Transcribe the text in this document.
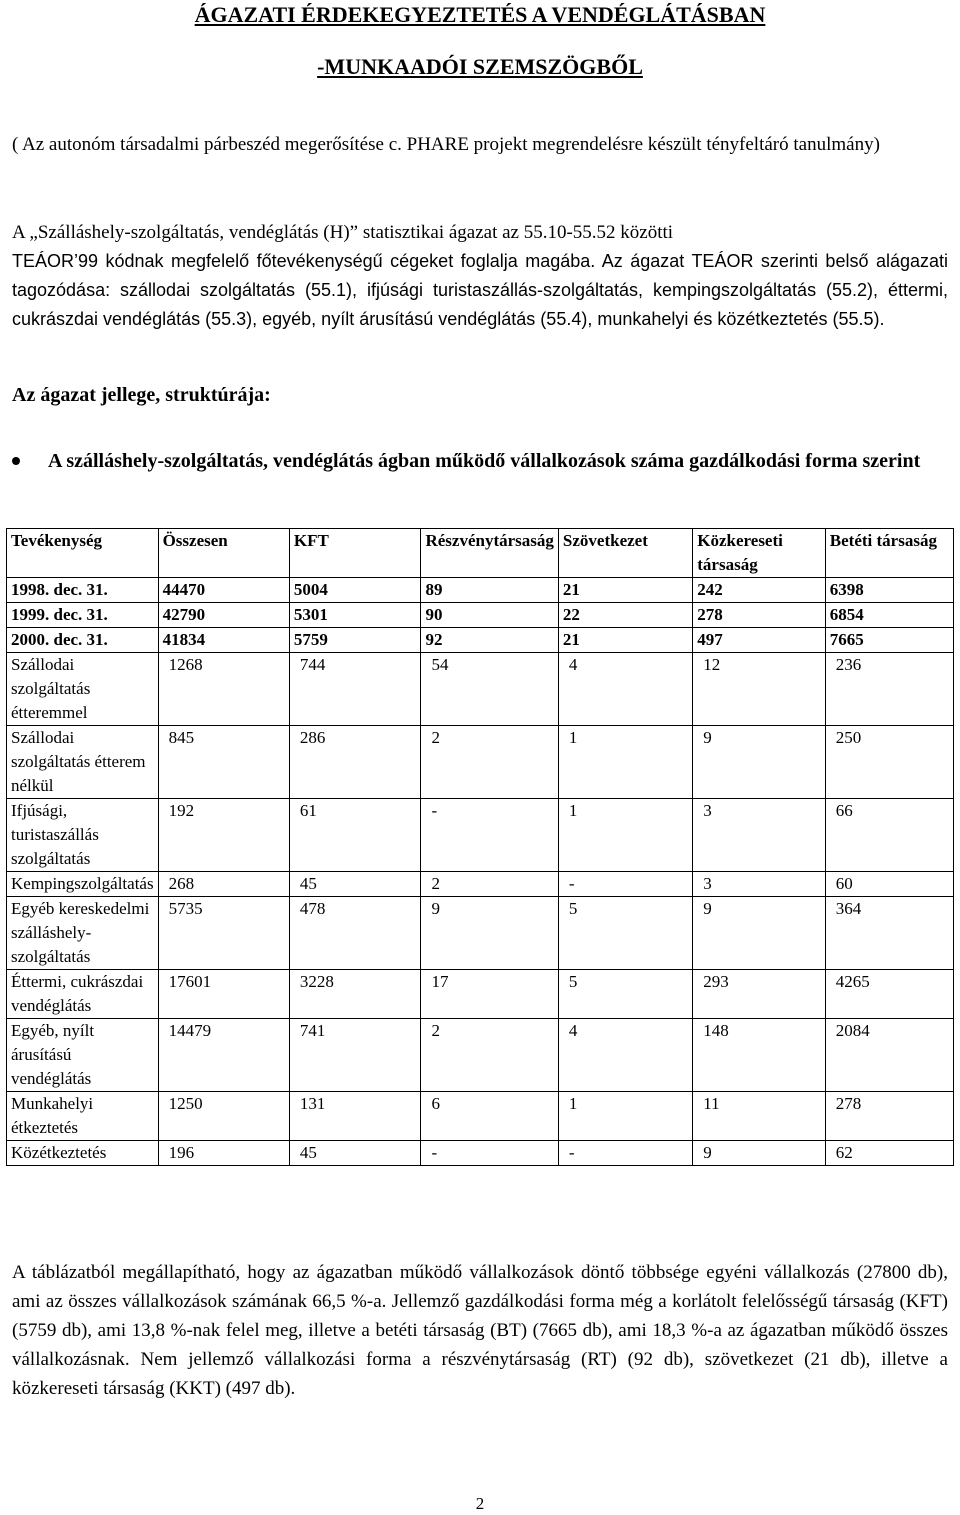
ÁGAZATI ÉRDEKEGYEZTETÉS A VENDÉGLÁTÁSBAN
-MUNKAADÓI SZEMSZÖGBŐL
( Az autonóm társadalmi párbeszéd megerősítése c. PHARE projekt megrendelésre készült tényfeltáró tanulmány)
A „Szálláshely-szolgáltatás, vendéglátás (H)” statisztikai ágazat az 55.10-55.52 közötti
TEÁOR’99 kódnak megfelelő főtevékenységű cégeket foglalja magába. Az ágazat TEÁOR szerinti belső alágazati tagozódása: szállodai szolgáltatás (55.1), ifjúsági turistaszállás-szolgáltatás, kempingszolgáltatás (55.2), éttermi, cukrászdai vendéglátás (55.3), egyéb, nyílt árusítású vendéglátás (55.4), munkahelyi és közétkeztetés (55.5).
Az ágazat jellege, struktúrája:
A szálláshely-szolgáltatás, vendéglátás ágban működő vállalkozások száma gazdálkodási forma szerint
Tevékenység	Összesen	KFT	Részvénytársaság	Szövetkezet	Közkereseti társaság	Betéti társaság
1998. dec. 31.	44470	5004	89	21	242	6398
1999. dec. 31.	42790	5301	90	22	278	6854
2000. dec. 31.	41834	5759	92	21	497	7665
Szállodai szolgáltatás étteremmel	1268	744	54	4	12	236
Szállodai szolgáltatás étterem nélkül	845	286	2	1	9	250
Ifjúsági, turistaszállás szolgáltatás	192	61	-	1	3	66
Kempingszolgáltatás	268	45	2	-	3	60
Egyéb kereskedelmi szálláshely-szolgáltatás	5735	478	9	5	9	364
Éttermi, cukrászdai vendéglátás	17601	3228	17	5	293	4265
Egyéb, nyílt árusítású vendéglátás	14479	741	2	4	148	2084
Munkahelyi étkeztetés	1250	131	6	1	11	278
Közétkeztetés	196	45	-	-	9	62
A táblázatból megállapítható, hogy az ágazatban működő vállalkozások döntő többsége egyéni vállalkozás (27800 db), ami az összes vállalkozások számának 66,5 %-a. Jellemző gazdálkodási forma még a korlátolt felelősségű társaság (KFT) (5759 db), ami 13,8 %-nak felel meg, illetve a betéti társaság (BT) (7665 db), ami 18,3 %-a az ágazatban működő összes vállalkozásnak. Nem jellemző vállalkozási forma a részvénytársaság (RT) (92 db), szövetkezet (21 db), illetve a közkereseti társaság (KKT) (497 db).
2
